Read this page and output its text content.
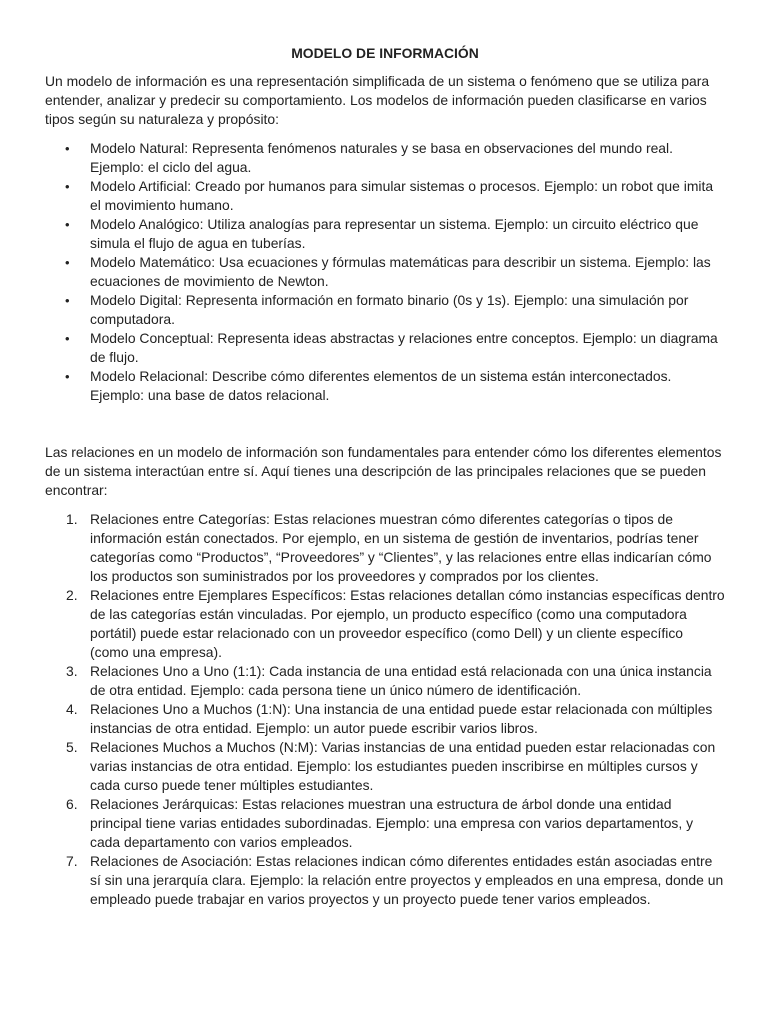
MODELO DE INFORMACIÓN

Un modelo de información es una representación simplificada de un sistema o fenómeno que se utiliza para entender, analizar y predecir su comportamiento. Los modelos de información pueden clasificarse en varios tipos según su naturaleza y propósito:

• Modelo Natural: Representa fenómenos naturales y se basa en observaciones del mundo real. Ejemplo: el ciclo del agua.
• Modelo Artificial: Creado por humanos para simular sistemas o procesos. Ejemplo: un robot que imita el movimiento humano.
• Modelo Analógico: Utiliza analogías para representar un sistema. Ejemplo: un circuito eléctrico que simula el flujo de agua en tuberías.
• Modelo Matemático: Usa ecuaciones y fórmulas matemáticas para describir un sistema. Ejemplo: las ecuaciones de movimiento de Newton.
• Modelo Digital: Representa información en formato binario (0s y 1s). Ejemplo: una simulación por computadora.
• Modelo Conceptual: Representa ideas abstractas y relaciones entre conceptos. Ejemplo: un diagrama de flujo.
• Modelo Relacional: Describe cómo diferentes elementos de un sistema están interconectados. Ejemplo: una base de datos relacional.

Las relaciones en un modelo de información son fundamentales para entender cómo los diferentes elementos de un sistema interactúan entre sí. Aquí tienes una descripción de las principales relaciones que se pueden encontrar:

1. Relaciones entre Categorías: Estas relaciones muestran cómo diferentes categorías o tipos de información están conectados. Por ejemplo, en un sistema de gestión de inventarios, podrías tener categorías como “Productos”, “Proveedores” y “Clientes”, y las relaciones entre ellas indicarían cómo los productos son suministrados por los proveedores y comprados por los clientes.
2. Relaciones entre Ejemplares Específicos: Estas relaciones detallan cómo instancias específicas dentro de las categorías están vinculadas. Por ejemplo, un producto específico (como una computadora portátil) puede estar relacionado con un proveedor específico (como Dell) y un cliente específico (como una empresa).
3. Relaciones Uno a Uno (1:1): Cada instancia de una entidad está relacionada con una única instancia de otra entidad. Ejemplo: cada persona tiene un único número de identificación.
4. Relaciones Uno a Muchos (1:N): Una instancia de una entidad puede estar relacionada con múltiples instancias de otra entidad. Ejemplo: un autor puede escribir varios libros.
5. Relaciones Muchos a Muchos (N:M): Varias instancias de una entidad pueden estar relacionadas con varias instancias de otra entidad. Ejemplo: los estudiantes pueden inscribirse en múltiples cursos y cada curso puede tener múltiples estudiantes.
6. Relaciones Jerárquicas: Estas relaciones muestran una estructura de árbol donde una entidad principal tiene varias entidades subordinadas. Ejemplo: una empresa con varios departamentos, y cada departamento con varios empleados.
7. Relaciones de Asociación: Estas relaciones indican cómo diferentes entidades están asociadas entre sí sin una jerarquía clara. Ejemplo: la relación entre proyectos y empleados en una empresa, donde un empleado puede trabajar en varios proyectos y un proyecto puede tener varios empleados.
